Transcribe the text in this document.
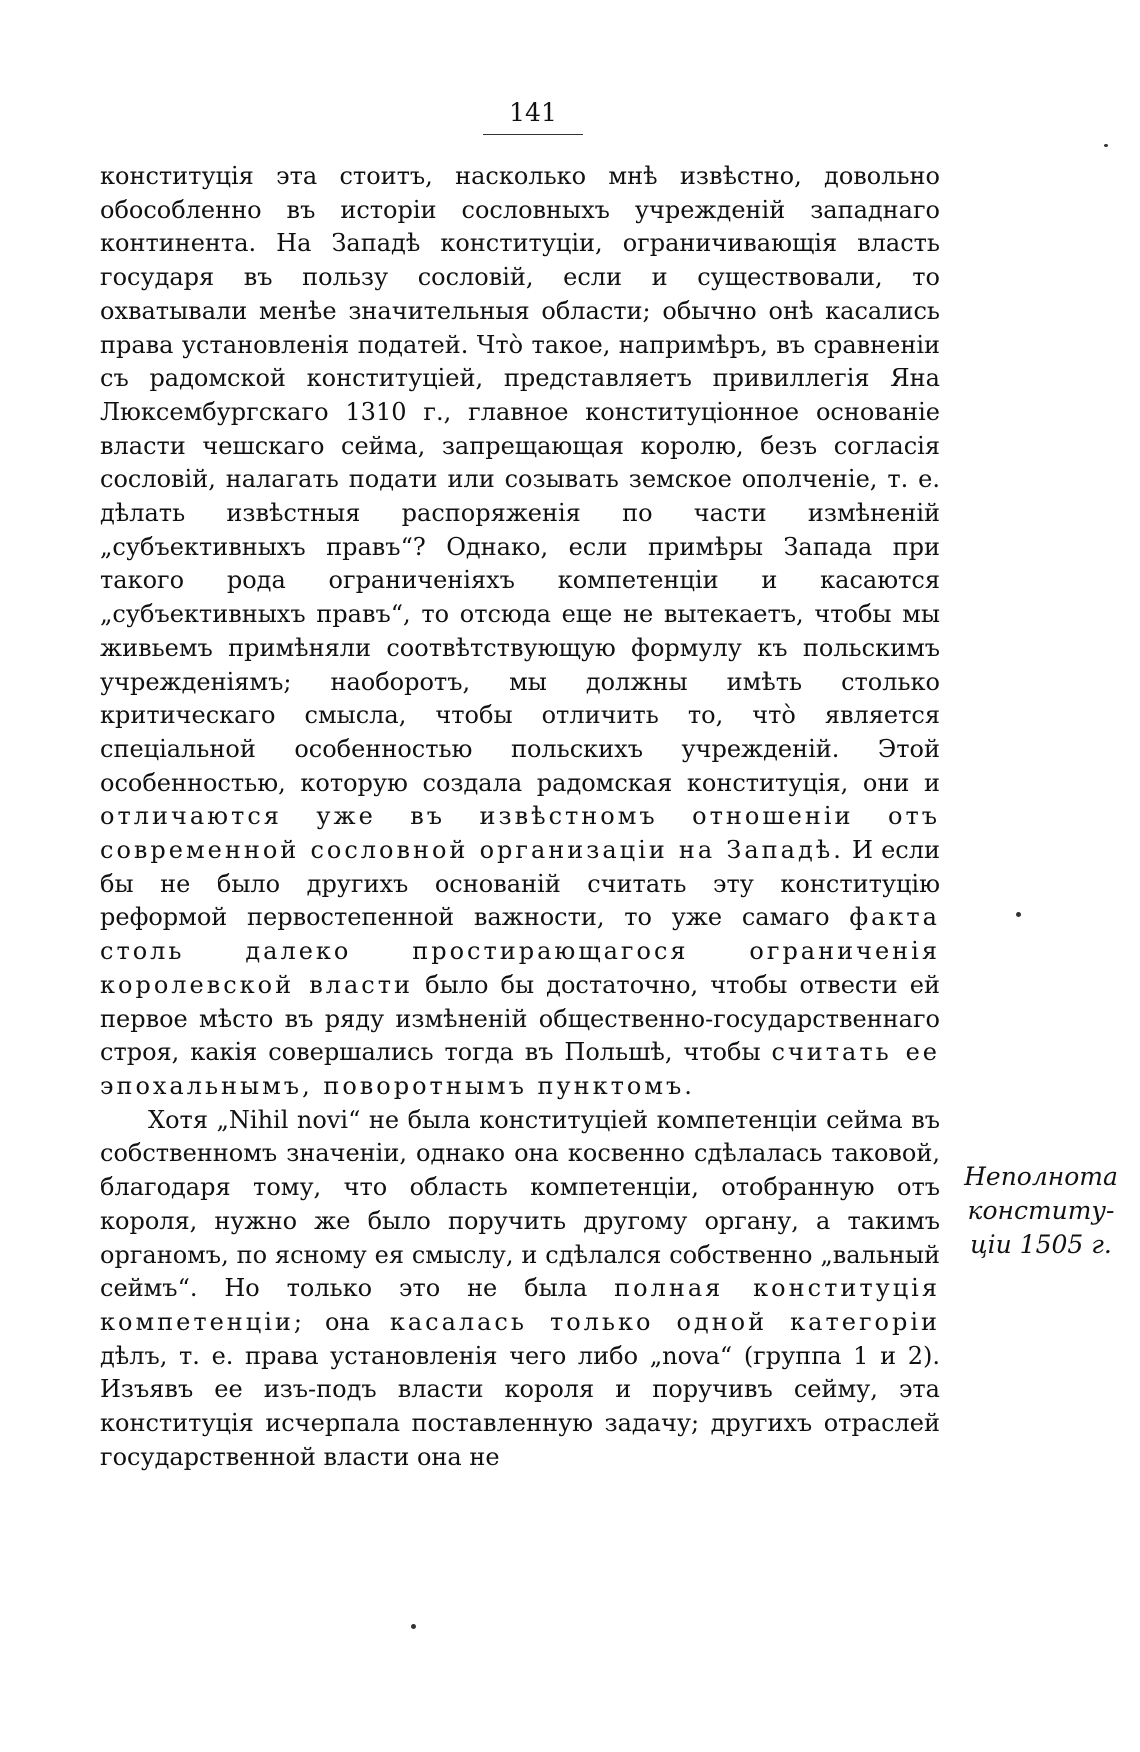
141

конституція эта стоитъ, насколько мнѣ извѣстно, довольно обособленно въ исторіи сословныхъ учрежденій западнаго континента. На Западѣ конституціи, ограничивающія власть государя въ пользу сословій, если и существовали, то охватывали менѣе значительныя области; обычно онѣ касались права установленія податей. Чтò такое, напримѣръ, въ сравненіи съ радомской конституціей, представляетъ привиллегія Яна Люксембургскаго 1310 г., главное конституціонное основаніе власти чешскаго сейма, запрещающая королю, безъ согласія сословій, налагать подати или созывать земское ополченіе, т. е. дѣлать извѣстныя распоряженія по части измѣненій „субъективныхъ правъ“? Однако, если примѣры Запада при такого рода ограниченіяхъ компетенціи и касаются „субъективныхъ правъ“, то отсюда еще не вытекаетъ, чтобы мы живьемъ примѣняли соотвѣтствующую формулу къ польскимъ учрежденіямъ; наоборотъ, мы должны имѣть столько критическаго смысла, чтобы отличить то, чтò является спеціальной особенностью польскихъ учрежденій. Этой особенностью, которую создала радомская конституція, они и отличаются уже въ извѣстномъ отношеніи отъ современной сословной организаціи на Западѣ. И если бы не было другихъ основаній считать эту конституцію реформой первостепенной важности, то уже самаго факта столь далеко простирающагося ограниченія королевской власти было бы достаточно, чтобы отвести ей первое мѣсто въ ряду измѣненій общественно-государственнаго строя, какія совершались тогда въ Польшѣ, чтобы считать ее эпохальнымъ, поворотнымъ пунктомъ.

Хотя „Nihil novi“ не была конституціей компетенціи сейма въ собственномъ значеніи, однако она косвенно сдѣлалась таковой, благодаря тому, что область компетенціи, отобранную отъ короля, нужно же было поручить другому органу, а такимъ органомъ, по ясному ея смыслу, и сдѣлался собственно „вальный сеймъ“. Но только это не была полная конституція компетенціи; она касалась только одной категоріи дѣлъ, т. е. права установленія чего либо „nova“ (группа 1 и 2). Изъявъ ее изъ-подъ власти короля и поручивъ сейму, эта конституція исчерпала поставленную задачу; другихъ отраслей государственной власти она не

Неполнота
конститу-
ціи 1505 г.
